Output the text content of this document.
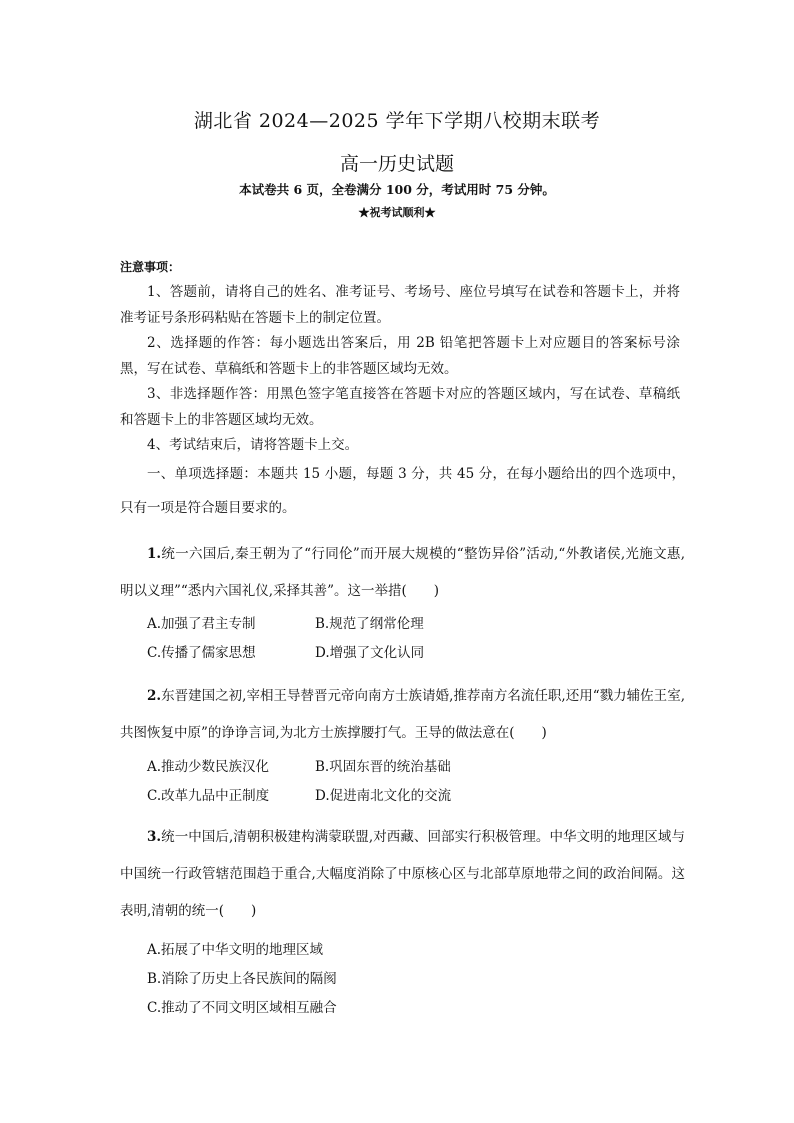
湖北省 2024—2025 学年下学期八校期末联考
高一历史试题
本试卷共 6 页，全卷满分 100 分，考试用时 75 分钟。
★祝考试顺利★
注意事项：
1、答题前，请将自己的姓名、准考证号、考场号、座位号填写在试卷和答题卡上，并将准考证号条形码粘贴在答题卡上的制定位置。
2、选择题的作答：每小题选出答案后，用 2B 铅笔把答题卡上对应题目的答案标号涂黑，写在试卷、草稿纸和答题卡上的非答题区域均无效。
3、非选择题作答：用黑色签字笔直接答在答题卡对应的答题区域内，写在试卷、草稿纸和答题卡上的非答题区域均无效。
4、考试结束后，请将答题卡上交。
一、单项选择题：本题共 15 小题，每题 3 分，共 45 分，在每小题给出的四个选项中，只有一项是符合题目要求的。
1.统一六国后,秦王朝为了“行同伦”而开展大规模的“整饬异俗”活动,“外教诸侯,光施文惠,明以义理”“悉内六国礼仪,采择其善”。这一举措(　　)
A.加强了君主专制	B.规范了纲常伦理
C.传播了儒家思想	D.增强了文化认同
2.东晋建国之初,宰相王导替晋元帝向南方士族请婚,推荐南方名流任职,还用“戮力辅佐王室,共图恢复中原”的诤诤言词,为北方士族撑腰打气。王导的做法意在(　　)
A.推动少数民族汉化	B.巩固东晋的统治基础
C.改革九品中正制度	D.促进南北文化的交流
3.统一中国后,清朝积极建构满蒙联盟,对西藏、回部实行积极管理。中华文明的地理区域与中国统一行政管辖范围趋于重合,大幅度消除了中原核心区与北部草原地带之间的政治间隔。这表明,清朝的统一(　　)
A.拓展了中华文明的地理区域
B.消除了历史上各民族间的隔阂
C.推动了不同文明区域相互融合
